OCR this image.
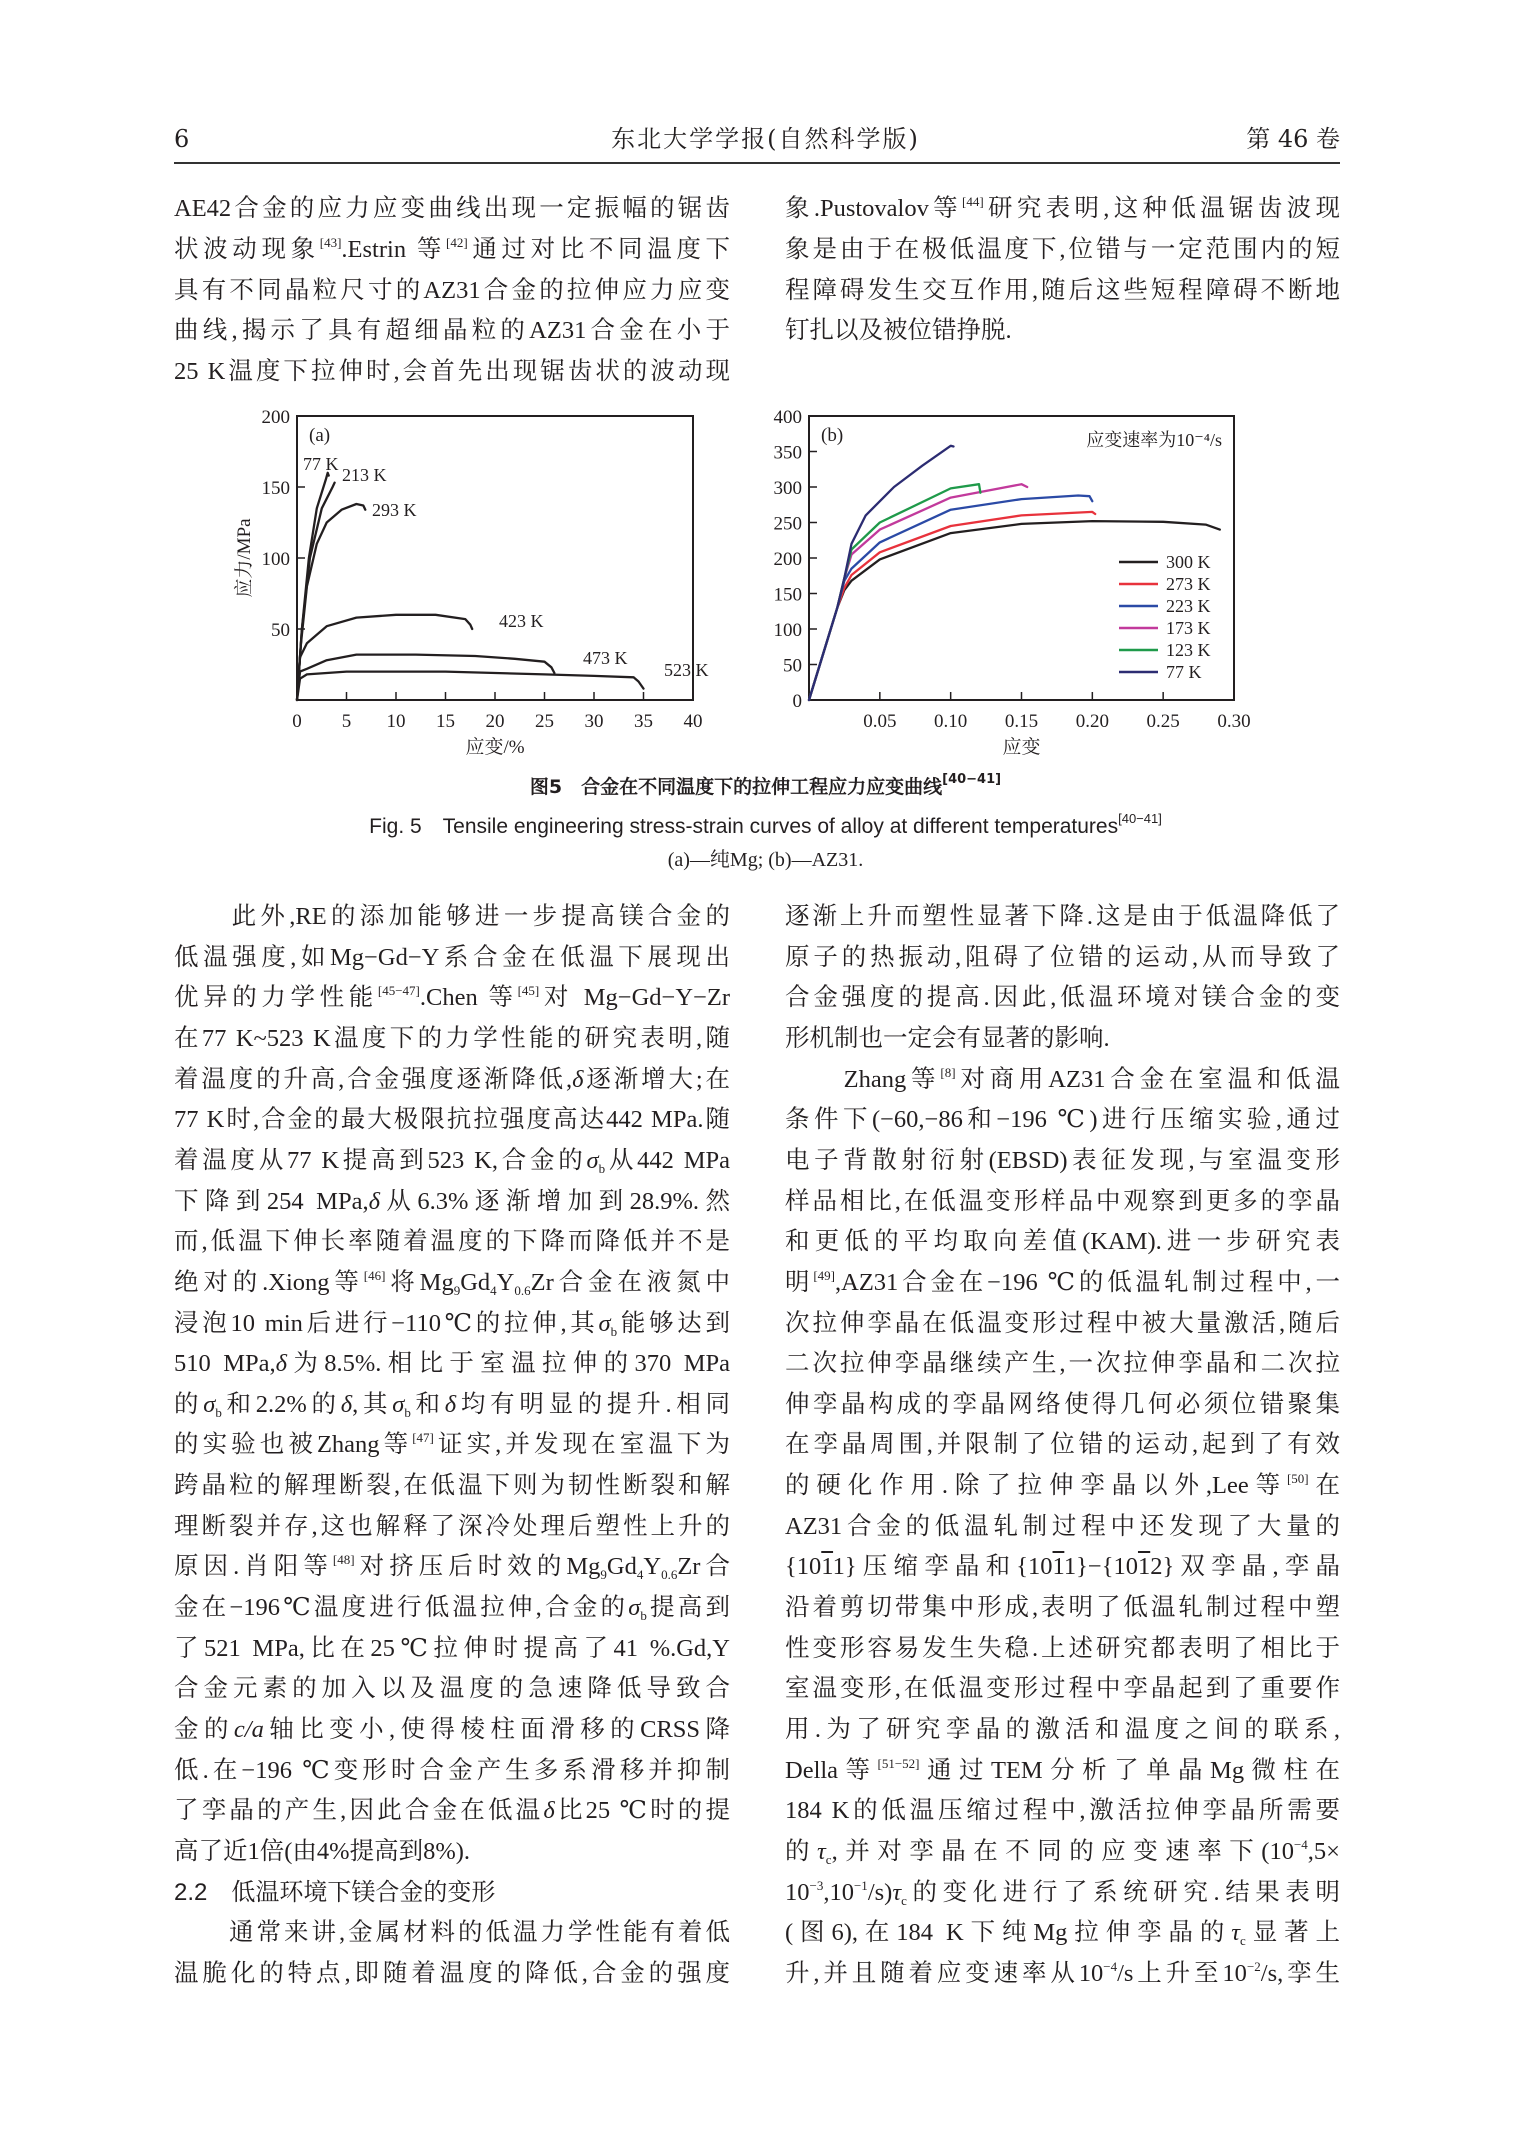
6	东北大学学报(自然科学版)	第 46 卷
AE42合金的应力应变曲线出现一定振幅的锯齿
状波动现象[43].Estrin 等[42]通过对比不同温度下
具有不同晶粒尺寸的AZ31合金的拉伸应力应变
曲线,揭示了具有超细晶粒的AZ31合金在小于
25 K温度下拉伸时,会首先出现锯齿状的波动现
象.Pustovalov等[44]研究表明,这种低温锯齿波现
象是由于在极低温度下,位错与一定范围内的短
程障碍发生交互作用,随后这些短程障碍不断地
钉扎以及被位错挣脱.
0 5 10 15 20 25 30 35 40
50
100
150
200
应变/%
应力/MPa
(a)
77 K
213 K
293 K
423 K
473 K
523 K
0.05 0.10 0.15 0.20 0.25 0.30
0
50
100
150
200
250
300
350
400
应变
(b)
300 K
273 K
223 K
173 K
123 K
77 K
应变速率为10⁻⁴/s
图5　合金在不同温度下的拉伸工程应力应变曲线[40−41]
Fig. 5　Tensile engineering stress-strain curves of alloy at different temperatures[40−41]
(a)—纯Mg; (b)—AZ31.
　　此外,RE的添加能够进一步提高镁合金的
低温强度,如Mg−Gd−Y系合金在低温下展现出
优异的力学性能[45−47].Chen 等[45]对 Mg−Gd−Y−Zr
在77 K~523 K温度下的力学性能的研究表明,随
着温度的升高,合金强度逐渐降低,δ逐渐增大;在
77 K时,合金的最大极限抗拉强度高达442 MPa.随
着温度从77 K提高到523 K,合金的$\sigma_b$从442 MPa
下降到254 MPa,δ从6.3%逐渐增加到28.9%.然
而,低温下伸长率随着温度的下降而降低并不是
绝对的.Xiong等[46]将$Mg_9Gd_4Y_{0.6}Zr$合金在液氮中
浸泡10 min后进行−110℃的拉伸,其$\sigma_b$能够达到
510 MPa,δ为8.5%.相比于室温拉伸的370 MPa
的$\sigma_b$和2.2%的δ,其$\sigma_b$和δ均有明显的提升.相同
的实验也被Zhang等[47]证实,并发现在室温下为
跨晶粒的解理断裂,在低温下则为韧性断裂和解
理断裂并存,这也解释了深冷处理后塑性上升的
原因.肖阳等[48]对挤压后时效的$Mg_9Gd_4Y_{0.6}Zr$合
金在−196℃温度进行低温拉伸,合金的$\sigma_b$提高到
了521 MPa,比在25℃拉伸时提高了41 %.Gd,Y
合金元素的加入以及温度的急速降低导致合
金的c/a轴比变小,使得棱柱面滑移的CRSS降
低.在−196 ℃变形时合金产生多系滑移并抑制
了孪晶的产生,因此合金在低温δ比25 ℃时的提
高了近1倍(由4%提高到8%).
2.2　低温环境下镁合金的变形
　　通常来讲,金属材料的低温力学性能有着低
温脆化的特点,即随着温度的降低,合金的强度
逐渐上升而塑性显著下降.这是由于低温降低了
原子的热振动,阻碍了位错的运动,从而导致了
合金强度的提高.因此,低温环境对镁合金的变
形机制也一定会有显著的影响.
　　Zhang等[8]对商用AZ31合金在室温和低温
条件下(−60,−86和−196 ℃)进行压缩实验,通过
电子背散射衍射(EBSD)表征发现,与室温变形
样品相比,在低温变形样品中观察到更多的孪晶
和更低的平均取向差值(KAM).进一步研究表
明[49],AZ31合金在−196 ℃的低温轧制过程中,一
次拉伸孪晶在低温变形过程中被大量激活,随后
二次拉伸孪晶继续产生,一次拉伸孪晶和二次拉
伸孪晶构成的孪晶网络使得几何必须位错聚集
在孪晶周围,并限制了位错的运动,起到了有效
的硬化作用.除了拉伸孪晶以外,Lee等[50]在
AZ31合金的低温轧制过程中还发现了大量的
{1011}压缩孪晶和{1011}−{1012}双孪晶,孪晶
沿着剪切带集中形成,表明了低温轧制过程中塑
性变形容易发生失稳.上述研究都表明了相比于
室温变形,在低温变形过程中孪晶起到了重要作
用.为了研究孪晶的激活和温度之间的联系,
Della等[51−52]通过TEM分析了单晶Mg微柱在
184 K的低温压缩过程中,激活拉伸孪晶所需要
的$\tau_c$,并对孪晶在不同的应变速率下($10^{-4},5\times$
$10^{-3},10^{-1}/s)\tau_c$的变化进行了系统研究.结果表明
(图6),在184 K下纯Mg拉伸孪晶的$\tau_c$显著上
升,并且随着应变速率从$10^{-4}/s$上升至$10^{-2}/s$,孪生
